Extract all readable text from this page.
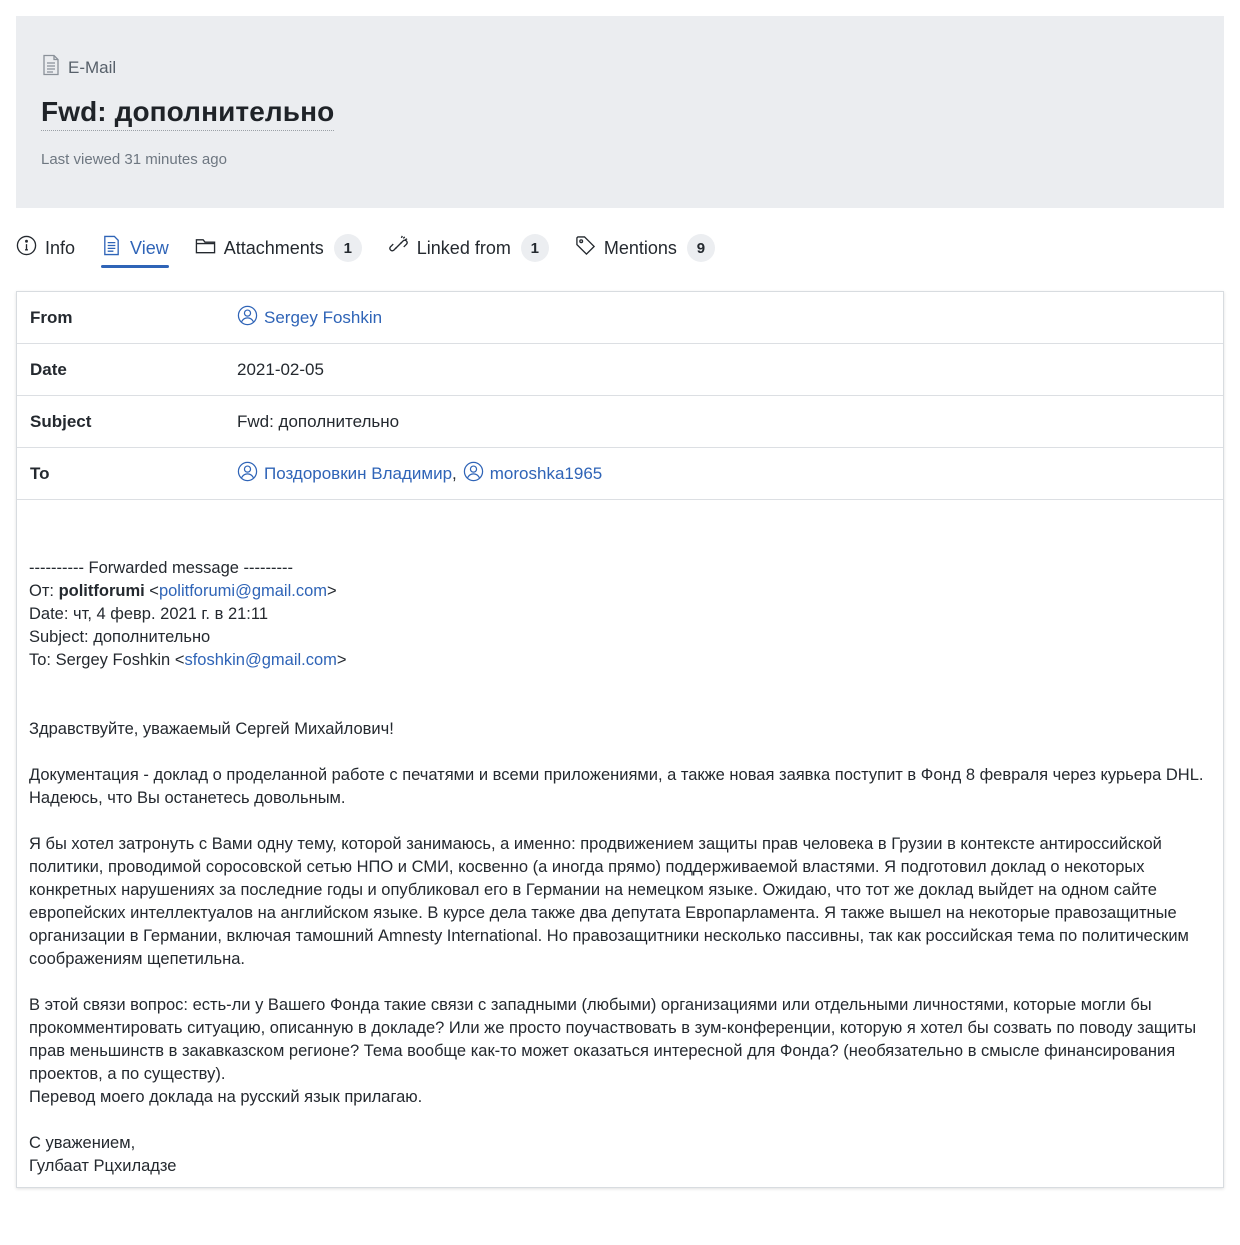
E-Mail
Fwd: дополнительно
Last viewed 31 minutes ago
Info	View	Attachments	1	Linked from	1	Mentions	9
From	Sergey Foshkin
Date	2021-02-05
Subject	Fwd: дополнительно
To	Поздоровкин Владимир , moroshka1965

---------- Forwarded message ---------

От: politforumi <politforumi@gmail.com>

Date: чт, 4 февр. 2021 г. в 21:11

Subject: дополнительно

To: Sergey Foshkin <sfoshkin@gmail.com>

Здравствуйте, уважаемый Сергей Михайлович!

Документация - доклад о проделанной работе с печатями и всеми приложениями, а также новая заявка поступит в Фонд 8 февраля через курьера DHL. Надеюсь, что Вы останетесь довольным.

Я бы хотел затронуть с Вами одну тему, которой занимаюсь, а именно: продвижением защиты прав человека в Грузии в контексте антироссийской политики, проводимой соросовской сетью НПО и СМИ, косвенно (а иногда прямо) поддерживаемой властями. Я подготовил доклад о некоторых конкретных нарушениях за последние годы и опубликовал его в Германии на немецком языке. Ожидаю, что тот же доклад выйдет на одном сайте европейских интеллектуалов на английском языке. В курсе дела также два депутата Европарламента. Я также вышел на некоторые правозащитные организации в Германии, включая тамошний Amnesty International. Но правозащитники несколько пассивны, так как российская тема по политическим соображениям щепетильна.

В этой связи вопрос: есть-ли у Вашего Фонда такие связи с западными (любыми) организациями или отдельными личностями, которые могли бы прокомментировать ситуацию, описанную в докладе? Или же просто поучаствовать в зум-конференции, которую я хотел бы созвать по поводу защиты прав меньшинств в закавказском регионе? Тема вообще как-то может оказаться интересной для Фонда? (необязательно в смысле финансирования проектов, а по существу).

Перевод моего доклада на русский язык прилагаю.

С уважением,

Гулбаат Рцхиладзе
